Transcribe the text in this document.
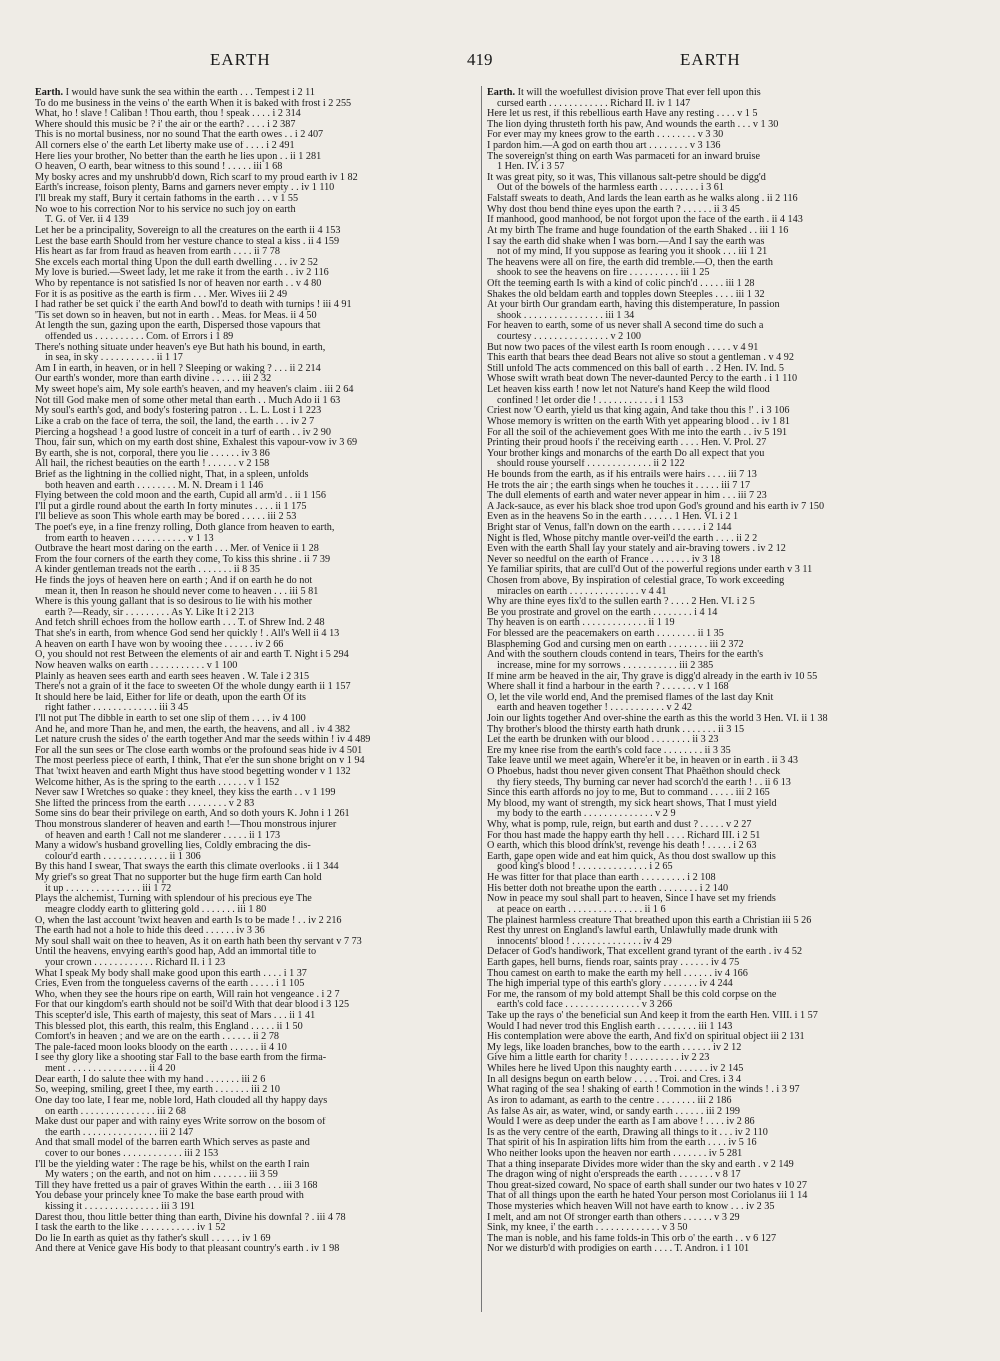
EARTH	419	EARTH
Earth. I would have sunk the sea within the earth . . . Tempest i 2 11
To do me business in the veins o' the earth When it is baked with frost i 2 255
What, ho ! slave ! Caliban ! Thou earth, thou ! speak . . . . i 2 314
Where should this music be ? i' the air or the earth? . . . . i 2 387
This is no mortal business, nor no sound That the earth owes . . i 2 407
All corners else o' the earth Let liberty make use of . . . . i 2 491
Here lies your brother, No better than the earth he lies upon . . ii 1 281
O heaven, O earth, bear witness to this sound ! . . . . . iii 1 68
My bosky acres and my unshrubb'd down, Rich scarf to my proud earth iv 1 82
Earth's increase, foison plenty, Barns and garners never empty . . iv 1 110
I'll break my staff, Bury it certain fathoms in the earth . . . v 1 55
No woe to his correction Nor to his service no such joy on earth
T. G. of Ver. ii 4 139
Let her be a principality, Sovereign to all the creatures on the earth ii 4 153
Lest the base earth Should from her vesture chance to steal a kiss . ii 4 159
His heart as far from fraud as heaven from earth . . . . ii 7 78
She excels each mortal thing Upon the dull earth dwelling . . . iv 2 52
My love is buried.—Sweet lady, let me rake it from the earth . . iv 2 116
Who by repentance is not satisfied Is nor of heaven nor earth . . v 4 80
For it is as positive as the earth is firm . . . Mer. Wives iii 2 49
I had rather be set quick i' the earth And bowl'd to death with turnips ! iii 4 91
'Tis set down so in heaven, but not in earth . . Meas. for Meas. ii 4 50
At length the sun, gazing upon the earth, Dispersed those vapours that
offended us . . . . . . . . . . Com. of Errors i 1 89
There's nothing situate under heaven's eye But hath his bound, in earth,
in sea, in sky . . . . . . . . . . . ii 1 17
Am I in earth, in heaven, or in hell ? Sleeping or waking ? . . . ii 2 214
Our earth's wonder, more than earth divine . . . . . . iii 2 32
My sweet hope's aim, My sole earth's heaven, and my heaven's claim . iii 2 64
Not till God make men of some other metal than earth . . Much Ado ii 1 63
My soul's earth's god, and body's fostering patron . . L. L. Lost i 1 223
Like a crab on the face of terra, the soil, the land, the earth . . . iv 2 7
Piercing a hogshead ! a good lustre of conceit in a turf of earth . . iv 2 90
Thou, fair sun, which on my earth dost shine, Exhalest this vapour-vow iv 3 69
By earth, she is not, corporal, there you lie . . . . . . iv 3 86
All hail, the richest beauties on the earth ! . . . . . . v 2 158
Brief as the lightning in the collied night, That, in a spleen, unfolds
both heaven and earth . . . . . . . . M. N. Dream i 1 146
Flying between the cold moon and the earth, Cupid all arm'd . . ii 1 156
I'll put a girdle round about the earth In forty minutes . . . . ii 1 175
I'll believe as soon This whole earth may be bored . . . . . iii 2 53
The poet's eye, in a fine frenzy rolling, Doth glance from heaven to earth,
from earth to heaven . . . . . . . . . . . v 1 13
Outbrave the heart most daring on the earth . . . Mer. of Venice ii 1 28
From the four corners of the earth they come, To kiss this shrine . ii 7 39
A kinder gentleman treads not the earth . . . . . . . ii 8 35
He finds the joys of heaven here on earth ; And if on earth he do not
mean it, then In reason he should never come to heaven . . . iii 5 81
Where is this young gallant that is so desirous to lie with his mother
earth ?—Ready, sir . . . . . . . . . As Y. Like It i 2 213
And fetch shrill echoes from the hollow earth . . . T. of Shrew Ind. 2 48
That she's in earth, from whence God send her quickly ! . All's Well ii 4 13
A heaven on earth I have won by wooing thee . . . . . . iv 2 66
O, you should not rest Between the elements of air and earth T. Night i 5 294
Now heaven walks on earth . . . . . . . . . . . v 1 100
Plainly as heaven sees earth and earth sees heaven . W. Tale i 2 315
There's not a grain of it the face to sweeten Of the whole dungy earth ii 1 157
It should here be laid, Either for life or death, upon the earth Of its
right father . . . . . . . . . . . . . iii 3 45
I'll not put The dibble in earth to set one slip of them . . . . iv 4 100
And he, and more Than he, and men, the earth, the heavens, and all . iv 4 382
Let nature crush the sides o' the earth together And mar the seeds within ! iv 4 489
For all the sun sees or The close earth wombs or the profound seas hide iv 4 501
The most peerless piece of earth, I think, That e'er the sun shone bright on v 1 94
That 'twixt heaven and earth Might thus have stood begetting wonder v 1 132
Welcome hither, As is the spring to the earth . . . . . . v 1 152
Never saw I Wretches so quake : they kneel, they kiss the earth . . v 1 199
She lifted the princess from the earth . . . . . . . . v 2 83
Some sins do bear their privilege on earth, And so doth yours K. John i 1 261
Thou monstrous slanderer of heaven and earth !—Thou monstrous injurer
of heaven and earth ! Call not me slanderer . . . . . ii 1 173
Many a widow's husband grovelling lies, Coldly embracing the dis-
colour'd earth . . . . . . . . . . . . . ii 1 306
By this hand I swear, That sways the earth this climate overlooks . ii 1 344
My grief's so great That no supporter but the huge firm earth Can hold
it up . . . . . . . . . . . . . . . iii 1 72
Plays the alchemist, Turning with splendour of his precious eye The
meagre cloddy earth to glittering gold . . . . . . . iii 1 80
O, when the last account 'twixt heaven and earth Is to be made ! . . iv 2 216
The earth had not a hole to hide this deed . . . . . . iv 3 36
My soul shall wait on thee to heaven, As it on earth hath been thy servant v 7 73
Until the heavens, envying earth's good hap, Add an immortal title to
your crown . . . . . . . . . . . . Richard II. i 1 23
What I speak My body shall make good upon this earth . . . . i 1 37
Cries, Even from the tongueless caverns of the earth . . . . . i 1 105
Who, when they see the hours ripe on earth, Will rain hot vengeance . i 2 7
For that our kingdom's earth should not be soil'd With that dear blood i 3 125
This scepter'd isle, This earth of majesty, this seat of Mars . . . ii 1 41
This blessed plot, this earth, this realm, this England . . . . . ii 1 50
Comfort's in heaven ; and we are on the earth . . . . . . ii 2 78
The pale-faced moon looks bloody on the earth . . . . . . ii 4 10
I see thy glory like a shooting star Fall to the base earth from the firma-
ment . . . . . . . . . . . . . . . . ii 4 20
Dear earth, I do salute thee with my hand . . . . . . . iii 2 6
So, weeping, smiling, greet I thee, my earth . . . . . . . iii 2 10
One day too late, I fear me, noble lord, Hath clouded all thy happy days
on earth . . . . . . . . . . . . . . . iii 2 68
Make dust our paper and with rainy eyes Write sorrow on the bosom of
the earth . . . . . . . . . . . . . . . iii 2 147
And that small model of the barren earth Which serves as paste and
cover to our bones . . . . . . . . . . . . iii 2 153
I'll be the yielding water : The rage be his, whilst on the earth I rain
My waters ; on the earth, and not on him . . . . . . . iii 3 59
Till they have fretted us a pair of graves Within the earth . . . iii 3 168
You debase your princely knee To make the base earth proud with
kissing it . . . . . . . . . . . . . . . iii 3 191
Darest thou, thou little better thing than earth, Divine his downfal ? . iii 4 78
I task the earth to the like . . . . . . . . . . . iv 1 52
Do lie In earth as quiet as thy father's skull . . . . . . iv 1 69
And there at Venice gave His body to that pleasant country's earth . iv 1 98
Earth. It will the woefullest division prove That ever fell upon this
cursed earth . . . . . . . . . . . . Richard II. iv 1 147
Here let us rest, if this rebellious earth Have any resting . . . . v 1 5
The lion dying thrusteth forth his paw, And wounds the earth . . . v 1 30
For ever may my knees grow to the earth . . . . . . . . v 3 30
I pardon him.—A god on earth thou art . . . . . . . . v 3 136
The sovereign'st thing on earth Was parmaceti for an inward bruise
1 Hen. IV. i 3 57
It was great pity, so it was, This villanous salt-petre should be digg'd
Out of the bowels of the harmless earth . . . . . . . . i 3 61
Falstaff sweats to death, And lards the lean earth as he walks along . ii 2 116
Why dost thou bend thine eyes upon the earth ? . . . . . . ii 3 45
If manhood, good manhood, be not forgot upon the face of the earth . ii 4 143
At my birth The frame and huge foundation of the earth Shaked . . iii 1 16
I say the earth did shake when I was born.—And I say the earth was
not of my mind, If you suppose as fearing you it shook . . . iii 1 21
The heavens were all on fire, the earth did tremble.—O, then the earth
shook to see the heavens on fire . . . . . . . . . . iii 1 25
Oft the teeming earth Is with a kind of colic pinch'd . . . . . iii 1 28
Shakes the old beldam earth and topples down Steeples . . . . iii 1 32
At your birth Our grandam earth, having this distemperature, In passion
shook . . . . . . . . . . . . . . . . iii 1 34
For heaven to earth, some of us never shall A second time do such a
courtesy . . . . . . . . . . . . . . . v 2 100
But now two paces of the vilest earth Is room enough . . . . . v 4 91
This earth that bears thee dead Bears not alive so stout a gentleman . v 4 92
Still unfold The acts commenced on this ball of earth . . 2 Hen. IV. Ind. 5
Whose swift wrath beat down The never-daunted Percy to the earth . i 1 110
Let heaven kiss earth ! now let not Nature's hand Keep the wild flood
confined ! let order die ! . . . . . . . . . . . i 1 153
Criest now 'O earth, yield us that king again, And take thou this !' . i 3 106
Whose memory is written on the earth With yet appearing blood . . iv 1 81
For all the soil of the achievement goes With me into the earth . . iv 5 191
Printing their proud hoofs i' the receiving earth . . . . Hen. V. Prol. 27
Your brother kings and monarchs of the earth Do all expect that you
should rouse yourself . . . . . . . . . . . . . ii 2 122
He bounds from the earth, as if his entrails were hairs . . . . iii 7 13
He trots the air ; the earth sings when he touches it . . . . . iii 7 17
The dull elements of earth and water never appear in him . . . iii 7 23
A Jack-sauce, as ever his black shoe trod upon God's ground and his earth iv 7 150
Even as in the heavens So in the earth . . . . . . 1 Hen. VI. i 2 1
Bright star of Venus, fall'n down on the earth . . . . . . i 2 144
Night is fled, Whose pitchy mantle over-veil'd the earth . . . . ii 2 2
Even with the earth Shall lay your stately and air-braving towers . iv 2 12
Never so needful on the earth of France . . . . . . . . iv 3 18
Ye familiar spirits, that are cull'd Out of the powerful regions under earth v 3 11
Chosen from above, By inspiration of celestial grace, To work exceeding
miracles on earth . . . . . . . . . . . . . . v 4 41
Why are thine eyes fix'd to the sullen earth ? . . . . 2 Hen. VI. i 2 5
Be you prostrate and grovel on the earth . . . . . . . . i 4 14
Thy heaven is on earth . . . . . . . . . . . . . ii 1 19
For blessed are the peacemakers on earth . . . . . . . . ii 1 35
Blaspheming God and cursing men on earth . . . . . . . . iii 2 372
And with the southern clouds contend in tears, Theirs for the earth's
increase, mine for my sorrows . . . . . . . . . . . iii 2 385
If mine arm be heaved in the air, Thy grave is digg'd already in the earth iv 10 55
Where shall it find a harbour in the earth ? . . . . . . . v 1 168
O, let the vile world end, And the premised flames of the last day Knit
earth and heaven together ! . . . . . . . . . . . v 2 42
Join our lights together And over-shine the earth as this the world 3 Hen. VI. ii 1 38
Thy brother's blood the thirsty earth hath drunk . . . . . . . ii 3 15
Let the earth be drunken with our blood . . . . . . . . ii 3 23
Ere my knee rise from the earth's cold face . . . . . . . . ii 3 35
Take leave until we meet again, Where'er it be, in heaven or in earth . ii 3 43
O Phoebus, hadst thou never given consent That Phaëthon should check
thy fiery steeds, Thy burning car never had scorch'd the earth ! . . ii 6 13
Since this earth affords no joy to me, But to command . . . . . iii 2 165
My blood, my want of strength, my sick heart shows, That I must yield
my body to the earth . . . . . . . . . . . . . . v 2 9
Why, what is pomp, rule, reign, but earth and dust ? . . . . . v 2 27
For thou hast made the happy earth thy hell . . . . Richard III. i 2 51
O earth, which this blood drink'st, revenge his death ! . . . . . i 2 63
Earth, gape open wide and eat him quick, As thou dost swallow up this
good king's blood ! . . . . . . . . . . . . . . i 2 65
He was fitter for that place than earth . . . . . . . . . i 2 108
His better doth not breathe upon the earth . . . . . . . . i 2 140
Now in peace my soul shall part to heaven, Since I have set my friends
at peace on earth . . . . . . . . . . . . . . . ii 1 6
The plainest harmless creature That breathed upon this earth a Christian iii 5 26
Rest thy unrest on England's lawful earth, Unlawfully made drunk with
innocents' blood ! . . . . . . . . . . . . . . iv 4 29
Defacer of God's handiwork, That excellent grand tyrant of the earth . iv 4 52
Earth gapes, hell burns, fiends roar, saints pray . . . . . . iv 4 75
Thou camest on earth to make the earth my hell . . . . . . iv 4 166
The high imperial type of this earth's glory . . . . . . . iv 4 244
For me, the ransom of my bold attempt Shall be this cold corpse on the
earth's cold face . . . . . . . . . . . . . . . v 3 266
Take up the rays o' the beneficial sun And keep it from the earth Hen. VIII. i 1 57
Would I had never trod this English earth . . . . . . . . iii 1 143
His contemplation were above the earth, And fix'd on spiritual object iii 2 131
My legs, like loaden branches, bow to the earth . . . . . . iv 2 12
Give him a little earth for charity ! . . . . . . . . . . iv 2 23
Whiles here he lived Upon this naughty earth . . . . . . . iv 2 145
In all designs begun on earth below . . . . . Troi. and Cres. i 3 4
What raging of the sea ! shaking of earth ! Commotion in the winds ! . i 3 97
As iron to adamant, as earth to the centre . . . . . . . . iii 2 186
As false As air, as water, wind, or sandy earth . . . . . . iii 2 199
Would I were as deep under the earth as I am above ! . . . . iv 2 86
Is as the very centre of the earth, Drawing all things to it . . . iv 2 110
That spirit of his In aspiration lifts him from the earth . . . . iv 5 16
Who neither looks upon the heaven nor earth . . . . . . . iv 5 281
That a thing inseparate Divides more wider than the sky and earth . v 2 149
The dragon wing of night o'erspreads the earth . . . . . . . v 8 17
Thou great-sized coward, No space of earth shall sunder our two hates v 10 27
That of all things upon the earth he hated Your person most Coriolanus iii 1 14
Those mysteries which heaven Will not have earth to know . . . iv 2 35
I melt, and am not Of stronger earth than others . . . . . . v 3 29
Sink, my knee, i' the earth . . . . . . . . . . . . . v 3 50
The man is noble, and his fame folds-in This orb o' the earth . . v 6 127
Nor we disturb'd with prodigies on earth . . . . T. Andron. i 1 101
